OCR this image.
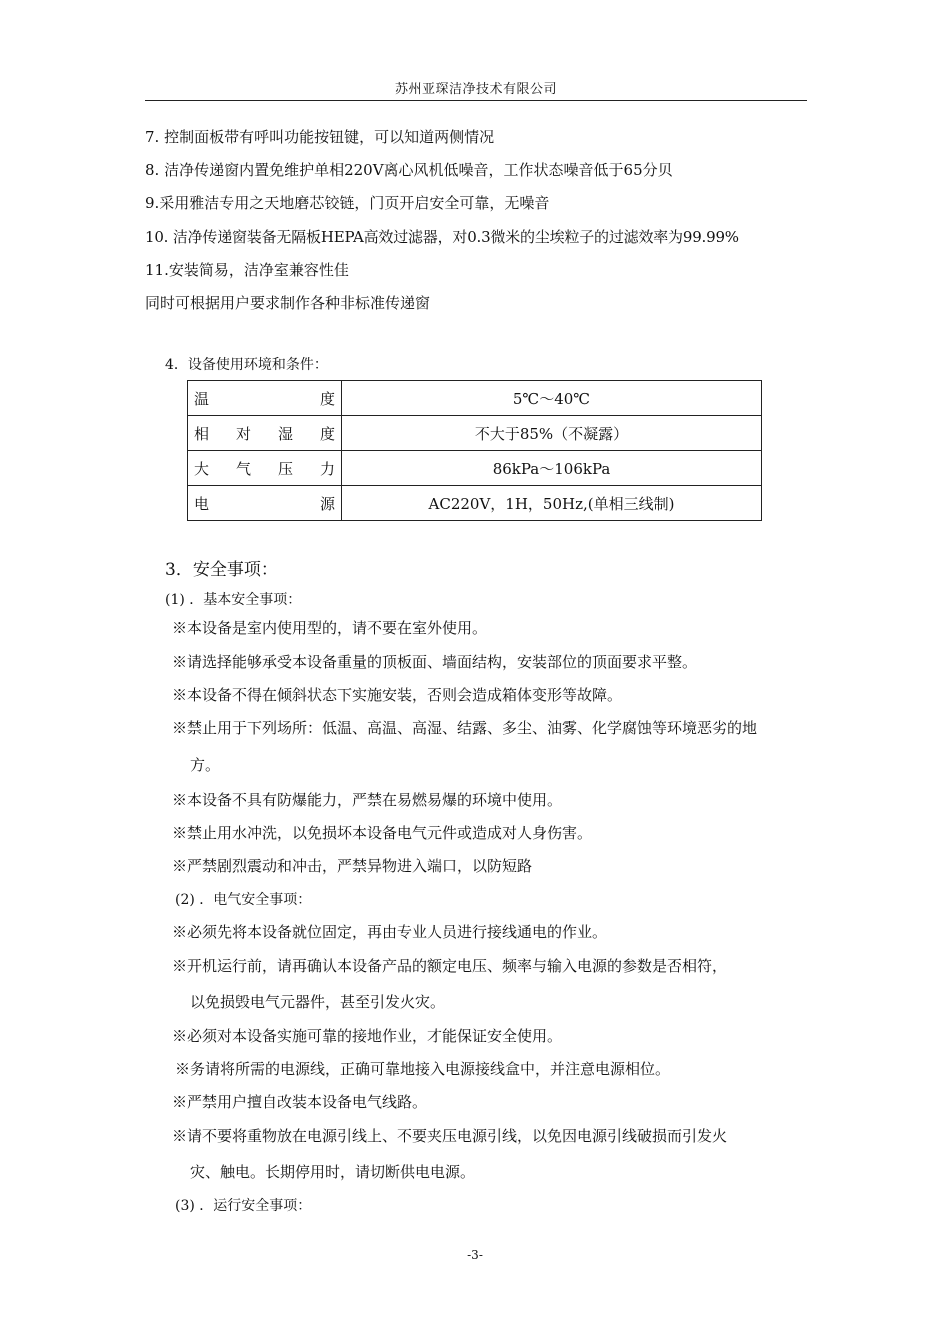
苏州亚琛洁净技术有限公司
7. 控制面板带有呼叫功能按钮键，可以知道两侧情况
8. 洁净传递窗内置免维护单相220V离心风机低噪音，工作状态噪音低于65分贝
9.采用雅洁专用之天地磨芯铰链，门页开启安全可靠，无噪音
10. 洁净传递窗装备无隔板HEPA高效过滤器，对0.3微米的尘埃粒子的过滤效率为99.99%
11.安装简易，洁净室兼容性佳
同时可根据用户要求制作各种非标准传递窗
4．设备使用环境和条件：
温 度	5℃～40℃

相 对 湿 度	不大于85%（不凝露）

大 气 压 力	86kPa～106kPa

电 源	AC220V，1H，50Hz,(单相三线制)
3．安全事项：
(1) ．基本安全事项：
※本设备是室内使用型的，请不要在室外使用。
※请选择能够承受本设备重量的顶板面、墙面结构，安装部位的顶面要求平整。
※本设备不得在倾斜状态下实施安装，否则会造成箱体变形等故障。
※禁止用于下列场所：低温、高温、高湿、结露、多尘、油雾、化学腐蚀等环境恶劣的地
方。
※本设备不具有防爆能力，严禁在易燃易爆的环境中使用。
※禁止用水冲洗，以免损坏本设备电气元件或造成对人身伤害。
※严禁剧烈震动和冲击，严禁异物进入端口，以防短路
(2) ．电气安全事项：
※必须先将本设备就位固定，再由专业人员进行接线通电的作业。
※开机运行前，请再确认本设备产品的额定电压、频率与输入电源的参数是否相符，
以免损毁电气元器件，甚至引发火灾。
※必须对本设备实施可靠的接地作业，才能保证安全使用。
※务请将所需的电源线，正确可靠地接入电源接线盒中，并注意电源相位。
※严禁用户擅自改装本设备电气线路。
※请不要将重物放在电源引线上、不要夹压电源引线，以免因电源引线破损而引发火
灾、触电。长期停用时，请切断供电电源。
(3) ．运行安全事项：
-3-
